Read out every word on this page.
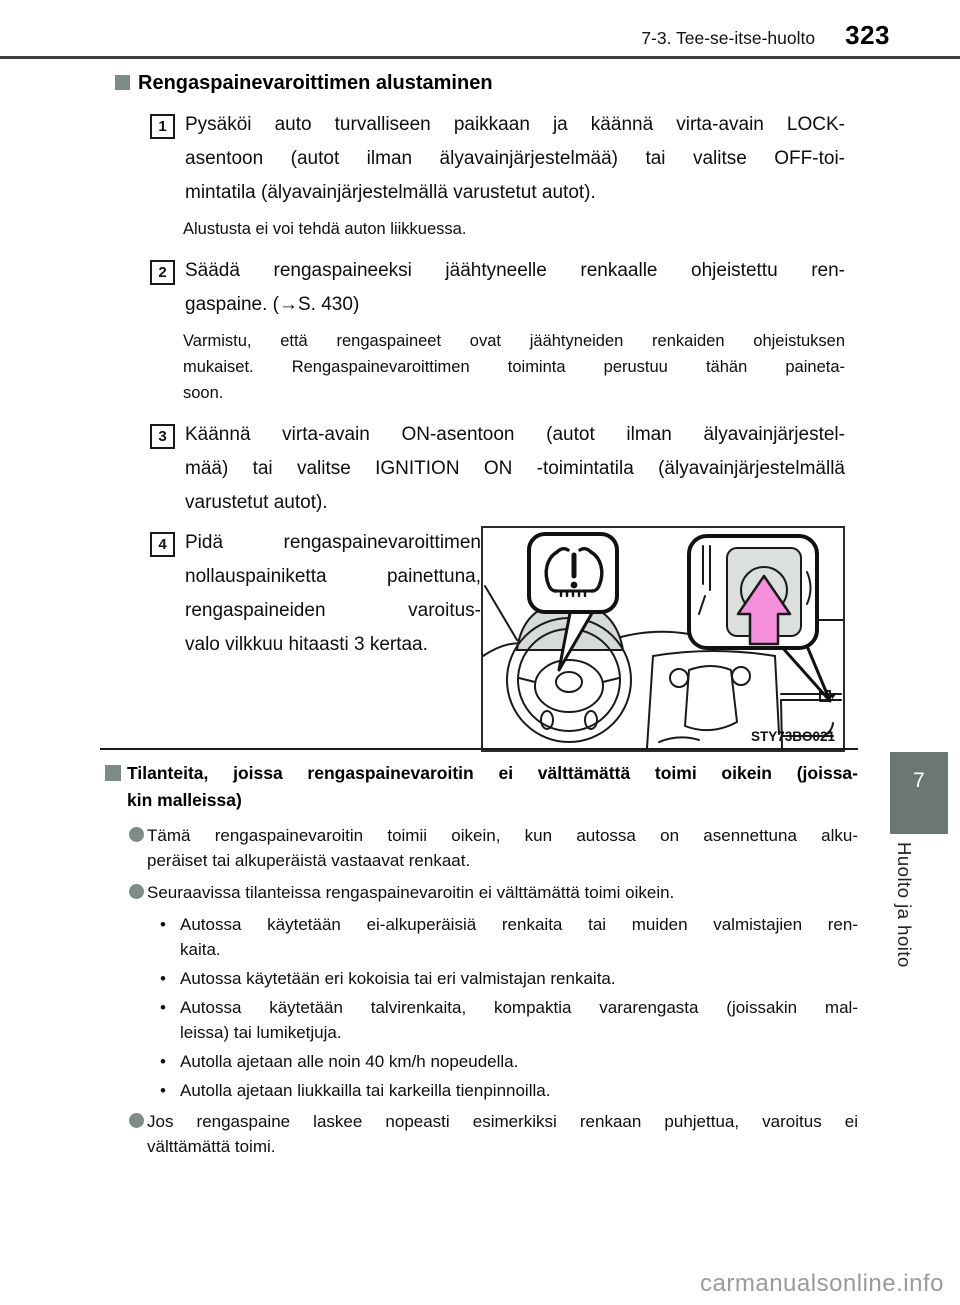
7-3. Tee-se-itse-huolto 323
Rengaspainevaroittimen alustaminen
1 Pysäköi auto turvalliseen paikkaan ja käännä virta-avain LOCK-
asentoon (autot ilman älyavainjärjestelmää) tai valitse OFF-toi-
mintatila (älyavainjärjestelmällä varustetut autot).
Alustusta ei voi tehdä auton liikkuessa.
2 Säädä rengaspaineeksi jäähtyneelle renkaalle ohjeistettu ren-
gaspaine. (→S. 430)
Varmistu, että rengaspaineet ovat jäähtyneiden renkaiden ohjeistuksen
mukaiset. Rengaspainevaroittimen toiminta perustuu tähän paineta-
soon.
3 Käännä virta-avain ON-asentoon (autot ilman älyavainjärjestel-
mää) tai valitse IGNITION ON -toimintatila (älyavainjärjestelmällä
varustetut autot).
4 Pidä rengaspainevaroittimen
nollauspainiketta painettuna,
rengaspaineiden varoitus-
valo vilkkuu hitaasti 3 kertaa.
STY73BO021
Tilanteita, joissa rengaspainevaroitin ei välttämättä toimi oikein (joissa-
kin malleissa)
Tämä rengaspainevaroitin toimii oikein, kun autossa on asennettuna alku-
peräiset tai alkuperäistä vastaavat renkaat.
Seuraavissa tilanteissa rengaspainevaroitin ei välttämättä toimi oikein.
• Autossa käytetään ei-alkuperäisiä renkaita tai muiden valmistajien ren-
kaita.
• Autossa käytetään eri kokoisia tai eri valmistajan renkaita.
• Autossa käytetään talvirenkaita, kompaktia vararengasta (joissakin mal-
leissa) tai lumiketjuja.
• Autolla ajetaan alle noin 40 km/h nopeudella.
• Autolla ajetaan liukkailla tai karkeilla tienpinnoilla.
Jos rengaspaine laskee nopeasti esimerkiksi renkaan puhjettua, varoitus ei
välttämättä toimi.
7
Huolto ja hoito
carmanualsonline.info
